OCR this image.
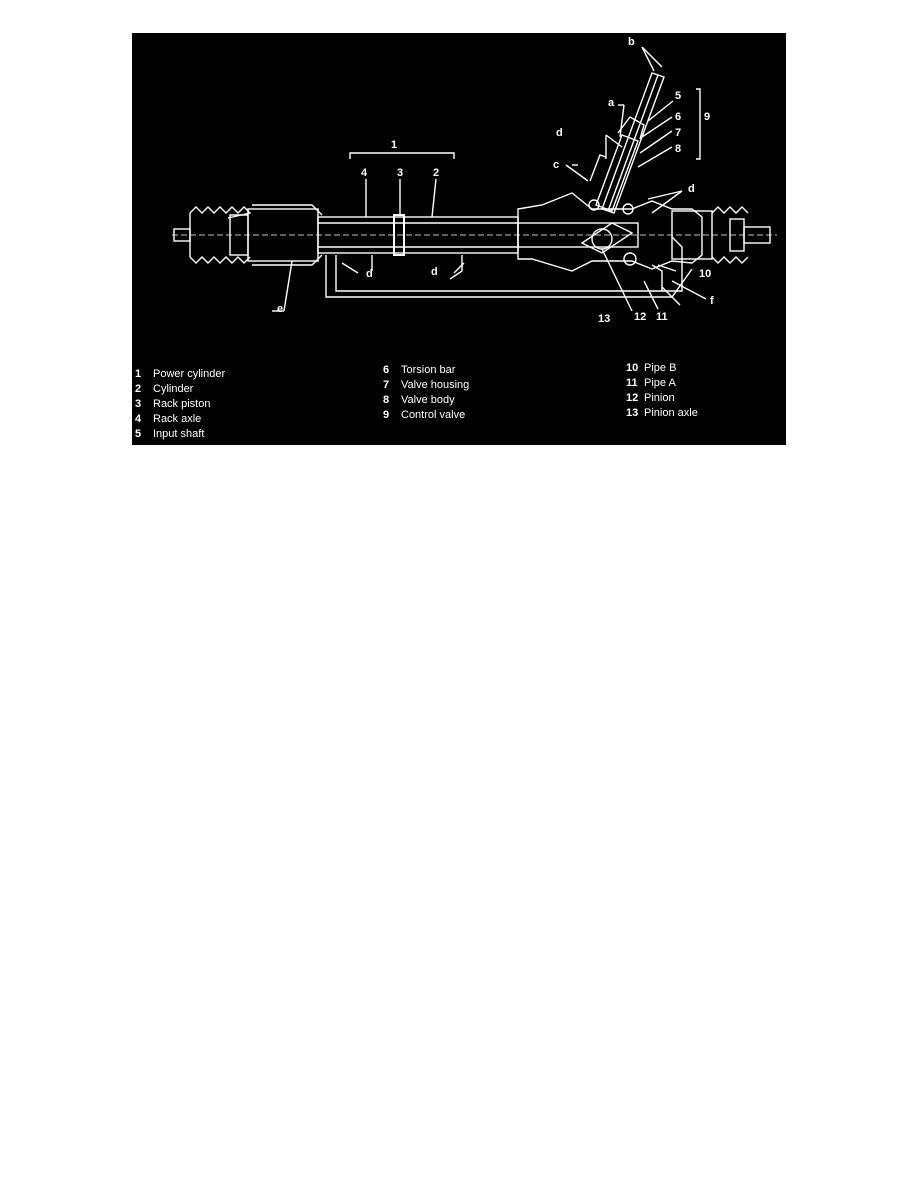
1
4	3	2
b
a
5
9
6
7
8
d
c
d
d	d	10
f
e
13 12 11
1	Power cylinder
2	Cylinder
3	Rack piston
4	Rack axle
5	Input shaft
6	Torsion bar
7	Valve housing
8	Valve body
9	Control valve
10 Pipe B
11 Pipe A
12 Pinion
13 Pinion axle
